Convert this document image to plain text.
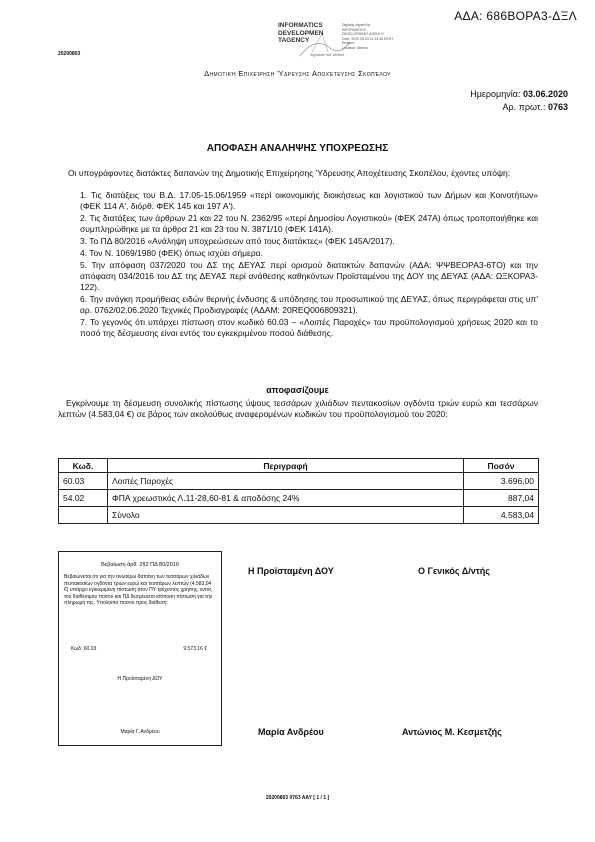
ΑΔΑ: 686ΒΟΡΑ3-ΔΞΛ
INFORMATICS
DEVELOPMEN
TAGENCY
Digitally signed by
INFORMATICS
DEVELOPMENT AGENCY
Date: 2020.06.03 11:14:36 EEST
Reason:
Location: Athens
Signature Not Verified
20200803
Δημοτική Επιχείρηση Ύδρευσης Αποχέτευσης Σκοπέλου
Ημερομηνία: 03.06.2020
Αρ. πρωτ.: 0763
ΑΠΟΦΑΣΗ ΑΝΑΛΗΨΗΣ ΥΠΟΧΡΕΩΣΗΣ
Οι υπογράφοντες διατάκτες δαπανών της Δημοτικής Επιχείρησης Ύδρευσης Αποχέτευσης Σκοπέλου, έχοντες υπόψη:
1. Τις διατάξεις του Β.Δ. 17.05-15.06/1959 «περί οικονομικής διοικήσεως και λογιστικού των Δήμων και Κοινοτήτων» (ΦΕΚ 114 Α', διόρθ. ΦΕΚ 145 και 197 Α').
2. Τις διατάξεις των άρθρων 21 και 22 του Ν. 2362/95 «περί Δημοσίου Λογιστικού» (ΦΕΚ 247Α) όπως τροποποιήθηκε και συμπληρώθηκε με τα άρθρα 21 και 23 του Ν. 3871/10 (ΦΕΚ 141Α).
3. Το ΠΔ 80/2016 «Ανάληψη υποχρεώσεων από τους διατάκτες» (ΦΕΚ 145Α/2017).
4. Τον Ν. 1069/1980 (ΦΕΚ) όπως ισχύει σήμερα.
5. Την απόφαση 037/2020 του ΔΣ της ΔΕΥΑΣ περί ορισμού διατακτών δαπανών (ΑΔΑ: ΨΨΒΕΟΡΑ3-6ΤΟ) και την απόφαση 034/2016 του ΔΣ της ΔΕΥΑΣ περί ανάθεσης καθηκόντων Προϊσταμένου της ΔΟΥ της ΔΕΥΑΣ (ΑΔΑ: ΩΞΚΟΡΑ3-122).
6. Την ανάγκη προμήθειας ειδών θερινής ένδυσης & υπόδησης του προσωπικού της ΔΕΥΑΣ, όπως περιγράφεται στις υπ' αρ. 0762/02.06.2020 Τεχνικές Προδιαγραφές (ΑΔΑΜ: 20REQ006809321).
7. Το γεγονός ότι υπάρχει πίστωση στον κωδικό 60.03 – «Λοιπές Παροχές» του προϋπολογισμού χρήσεως 2020 και το ποσό της δέσμευσης είναι εντός του εγκεκριμένου ποσού διάθεσης.
αποφασίζουμε
Εγκρίνουμε τη δέσμευση συνολικής πίστωσης ύψους τεσσάρων χιλιάδων πεντακοσίων ογδόντα τριών ευρώ και τεσσάρων λεπτών (4.583,04 €) σε βάρος των ακολούθως αναφερομένων κωδικών του προϋπολογισμού του 2020:
Κωδ.	Περιγραφή	Ποσόν
60.03	Λοιπές Παροχές	3.696,00
54.02	ΦΠΑ χρεωστικός Λ.11-28,60-81 & αποδόσης 24%	887,04
	Σύνολο	4.583,04
Βεβαίωση άρθ. 2§2 ΠΔ 80/2016
Βεβαιώνεται ότι για την ανωτέρω δαπάνη των τεσσάρων χιλιάδων πεντακοσίων ογδόντα τριών ευρώ και τεσσάρων λεπτών (4.583,04 €) υπάρχει εγκεκριμένη πίστωση στον ΠΥ τρέχοντος χρήσης, εντός του διαθέσιμου ποσού και ΠΔ δεσμεύεται ισόποση πίστωση για την πληρωμή της. Υπόλοιπο ποσού προς διάθεση:
Κωδ. 60.03	9.573,16 €
Η Προϊσταμένη ΔΟΥ
Μαρία Γ. Ανδρέου
Η Προϊσταμένη ΔΟΥ	Ο Γενικός Δ/ντής
Μαρία Ανδρέου	Αντώνιος Μ. Κεσμετζής
20200803 0763 ΑΑΥ [ 1 / 1 ]
